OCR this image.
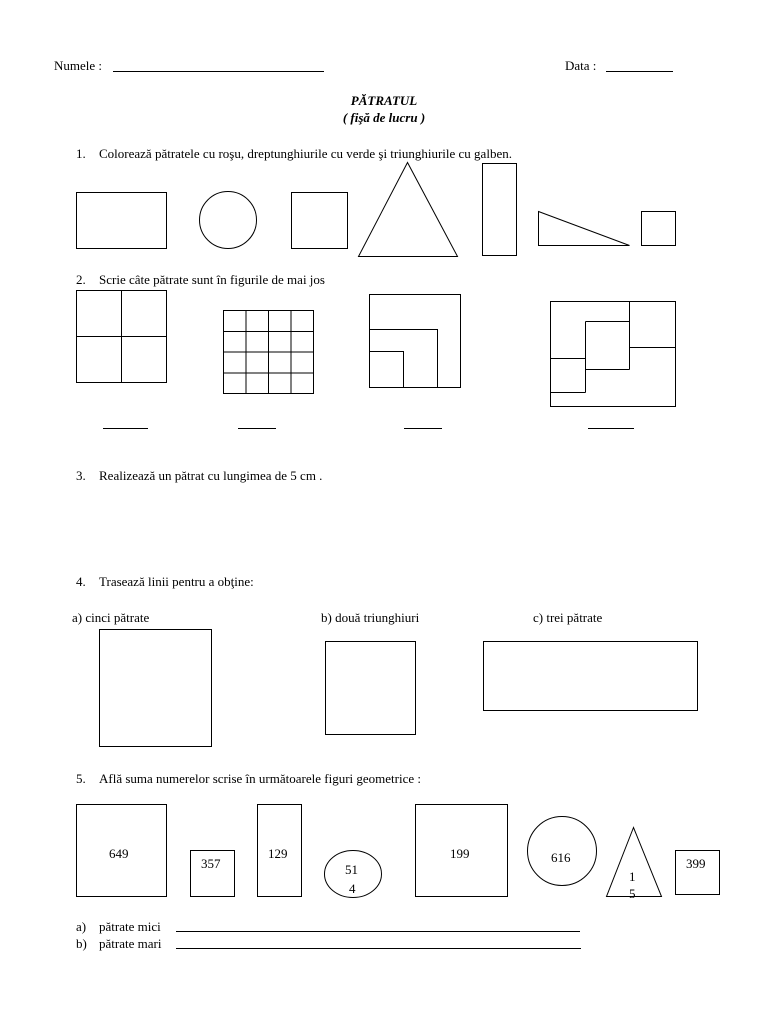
Numele :	Data :
PĂTRATUL
( fişă de lucru )
1. Colorează pătratele cu roşu, dreptunghiurile cu verde şi triunghiurile cu galben.
2. Scrie câte pătrate sunt în figurile de mai jos
3. Realizează un pătrat cu lungimea de 5 cm .
4. Trasează linii pentru a obţine:
a) cinci pătrate	b) două triunghiuri	c) trei pătrate
5. Află suma numerelor scrise în următoarele figuri geometrice :
a) pătrate mici
b) pătrate mari
649
357
129
51
4
199	616
1
5
399
